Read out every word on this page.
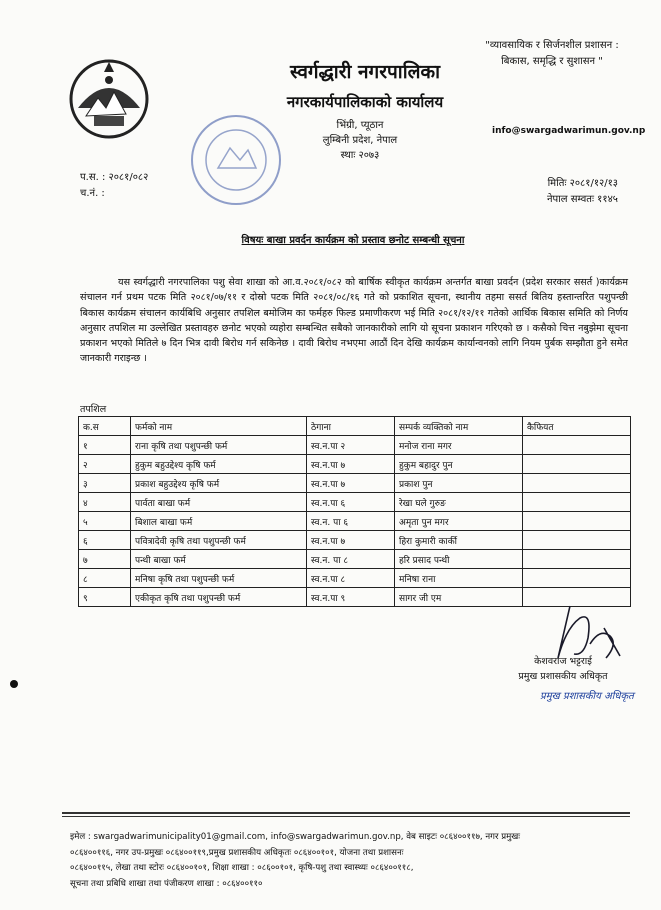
"व्यावसायिक र सिर्जनशील प्रशासन :
बिकास, समृद्धि र सुशासन "
स्वर्गद्धारी नगरपालिका
नगरकार्यपालिकाको कार्यालय
भिंग्री, प्यूठान
लुम्बिनी प्रदेश, नेपाल
स्थाः २०७३
info@swargadwarimun.gov.np
प.स. : २०८१/०८२
च.नं. :
मितिः २०८१/१२/१३
नेपाल सम्वतः ११४५
विषयः बाखा प्रवर्दन कार्यक्रम को प्रस्ताव छनोट सम्बन्धी सूचना
यस स्वर्गद्धारी नगरपालिका पशु सेवा शाखा को आ.व.२०८१/०८२ को बार्षिक स्वीकृत कार्यक्रम अन्तर्गत बाखा प्रवर्दन (प्रदेश सरकार ससर्त )कार्यक्रम संचालन गर्न प्रथम पटक मिति २०८१/०७/११ र दोस्रो पटक मिति २०८१/०८/१६ गते को प्रकाशित सूचना, स्थानीय तहमा ससर्त बितिय हस्तान्तरित पशुपन्छी बिकास कार्यक्रम संचालन कार्यबिधि अनुसार तपशिल बमोजिम का फर्महरु फिल्ड प्रमाणीकरण भई मिति २०८१/१२/११ गतेको आर्थिक बिकास समिति को निर्णय अनुसार तपशिल मा उल्लेखित प्रस्तावहरु छनोट भएको व्यहोरा सम्बन्धित सबैको जानकारीको लागि यो सूचना प्रकाशन गरिएको छ । कसैको चित्त नबुझेमा सूचना प्रकाशन भएको मितिले ७ दिन भित्र दावी बिरोध गर्न सकिनेछ । दावी बिरोध नभएमा आठौं दिन देखि कार्यक्रम कार्यान्वनको लागि नियम पुर्बक सम्झौता हुने समेत जानकारी गराइन्छ ।
तपशिल
क.स	फर्मको नाम	ठेगाना	सम्पर्क व्यक्तिको नाम	कैफियत
१	राना कृषि तथा पशुपन्छी फर्म	स्व.न.पा २	मनोज राना मगर	
२	हुकुम बहुउद्देश्य कृषि फर्म	स्व.न.पा ७	हुकुम बहादुर पुन	
३	प्रकाश बहुउद्देश्य कृषि फर्म	स्व.न.पा ७	प्रकाश पुन	
४	पार्वता बाखा फर्म	स्व.न.पा ६	रेखा घले गुरुङ	
५	बिशाल बाखा फर्म	स्व.न. पा ६	अमृता पुन मगर	
६	पवित्रादेवी कृषि तथा पशुपन्छी फर्म	स्व.न.पा ७	हिरा कुमारी कार्की	
७	पन्थी बाखा फर्म	स्व.न. पा ८	हरि प्रसाद पन्थी	
८	मनिषा कृषि तथा पशुपन्छी फर्म	स्व.न.पा ८	मनिषा राना	
९	एकीकृत कृषि तथा पशुपन्छी फर्म	स्व.न.पा ९	सागर जी एम	
केशवराज भट्टराई
प्रमुख प्रशासकीय अधिकृत
प्रमुख प्रशासकीय अधिकृत
इमेल : swargadwarimunicipality01@gmail.com, info@swargadwarimun.gov.np, वेब साइटः ०८६४००११७, नगर प्रमुखः
०८६४००११६, नगर उप-प्रमुखः ०८६४००११९,प्रमुख प्रशासकीय अधिकृतः ०८६४००१०१, योजना तथा प्रशासनः
०८६४००११५, लेखा तथा स्टोरः ०८६४००१०१, शिक्षा शाखा : ०८६००१०१, कृषि-पशु तथा स्वास्थ्यः ०८६४००११८,
सूचना तथा प्रबिधि शाखा तथा पंजीकरण शाखा : ०८६४००११०
